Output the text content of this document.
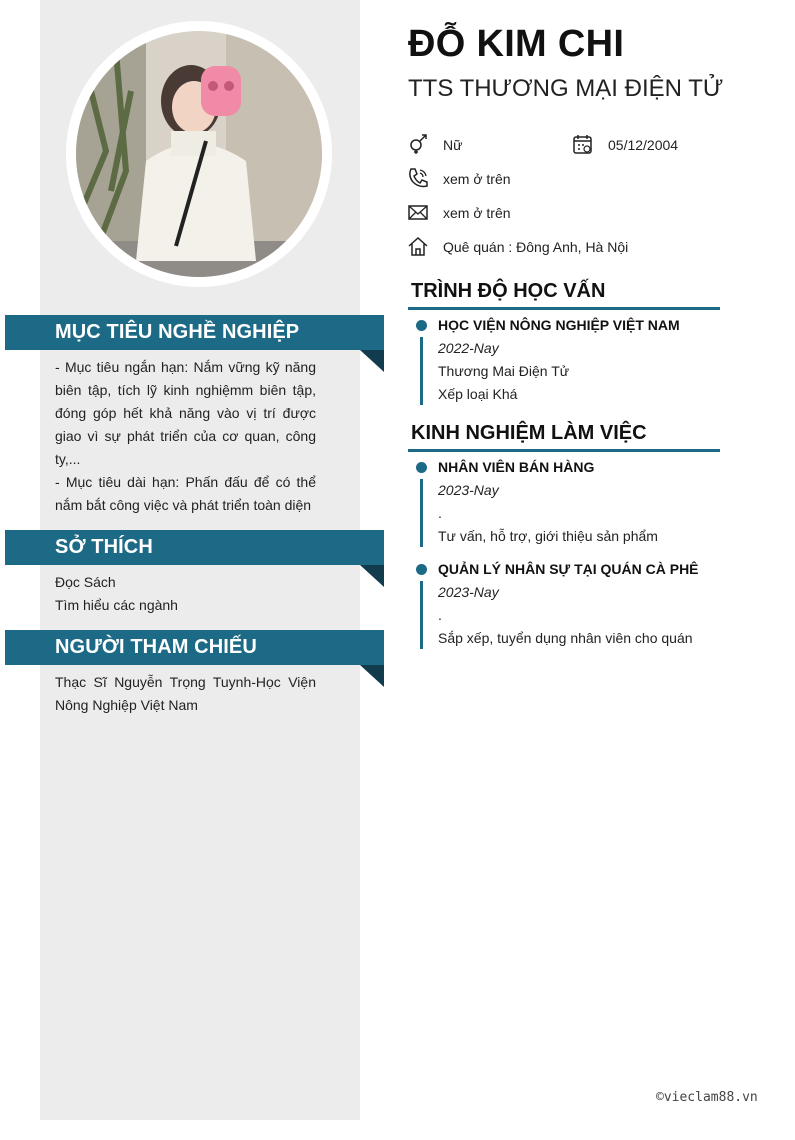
MỤC TIÊU NGHỀ NGHIỆP
- Mục tiêu ngắn hạn: Nắm vững kỹ năng biên tập, tích lỹ kinh nghiệmm biên tập, đóng góp hết khả năng vào vị trí được giao vì sự phát triển của cơ quan, công ty,...
- Mục tiêu dài hạn: Phấn đấu để có thể nắm bắt công việc và phát triển toàn diện
SỞ THÍCH
Đọc Sách
Tìm hiểu các ngành
NGƯỜI THAM CHIẾU
Thạc Sĩ Nguyễn Trọng Tuynh-Học Viện Nông Nghiệp Việt Nam
ĐỖ KIM CHI
TTS THƯƠNG MẠI ĐIỆN TỬ
Nữ	05/12/2004
xem ở trên
xem ở trên
Quê quán : Đông Anh, Hà Nội
TRÌNH ĐỘ HỌC VẤN
HỌC VIỆN NÔNG NGHIỆP VIỆT NAM
2022-Nay
Thương Mai Điện Tử
Xếp loại Khá
KINH NGHIỆM LÀM VIỆC
NHÂN VIÊN BÁN HÀNG
2023-Nay
.
Tư vấn, hỗ trợ, giới thiệu sản phẩm
QUẢN LÝ NHÂN SỰ TẠI QUÁN CÀ PHÊ
2023-Nay
.
Sắp xếp, tuyển dụng nhân viên cho quán
©vieclam88.vn
